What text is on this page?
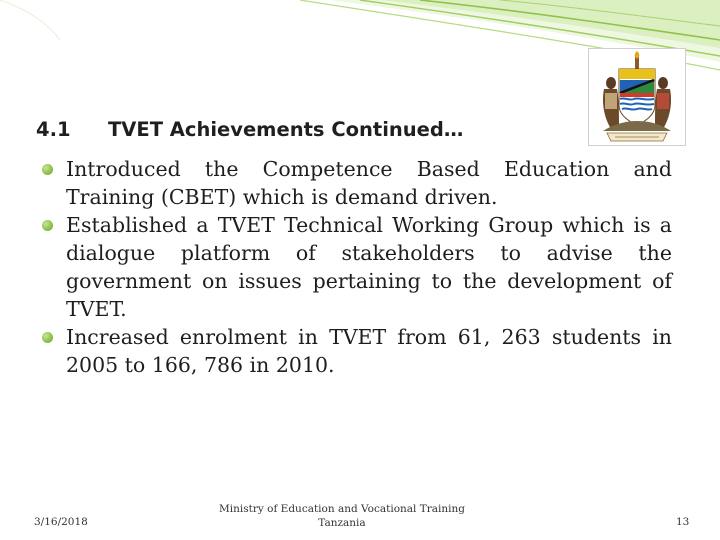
4.1 TVET Achievements Continued…
Introduced the Competence Based Education and Training (CBET) which is demand driven.
Established a TVET Technical Working Group which is a dialogue platform of stakeholders to advise the government on issues pertaining to the development of TVET.
Increased enrolment in TVET from 61, 263 students in 2005 to 166, 786 in 2010.
3/16/2018
Ministry of Education and Vocational Training
Tanzania	13
